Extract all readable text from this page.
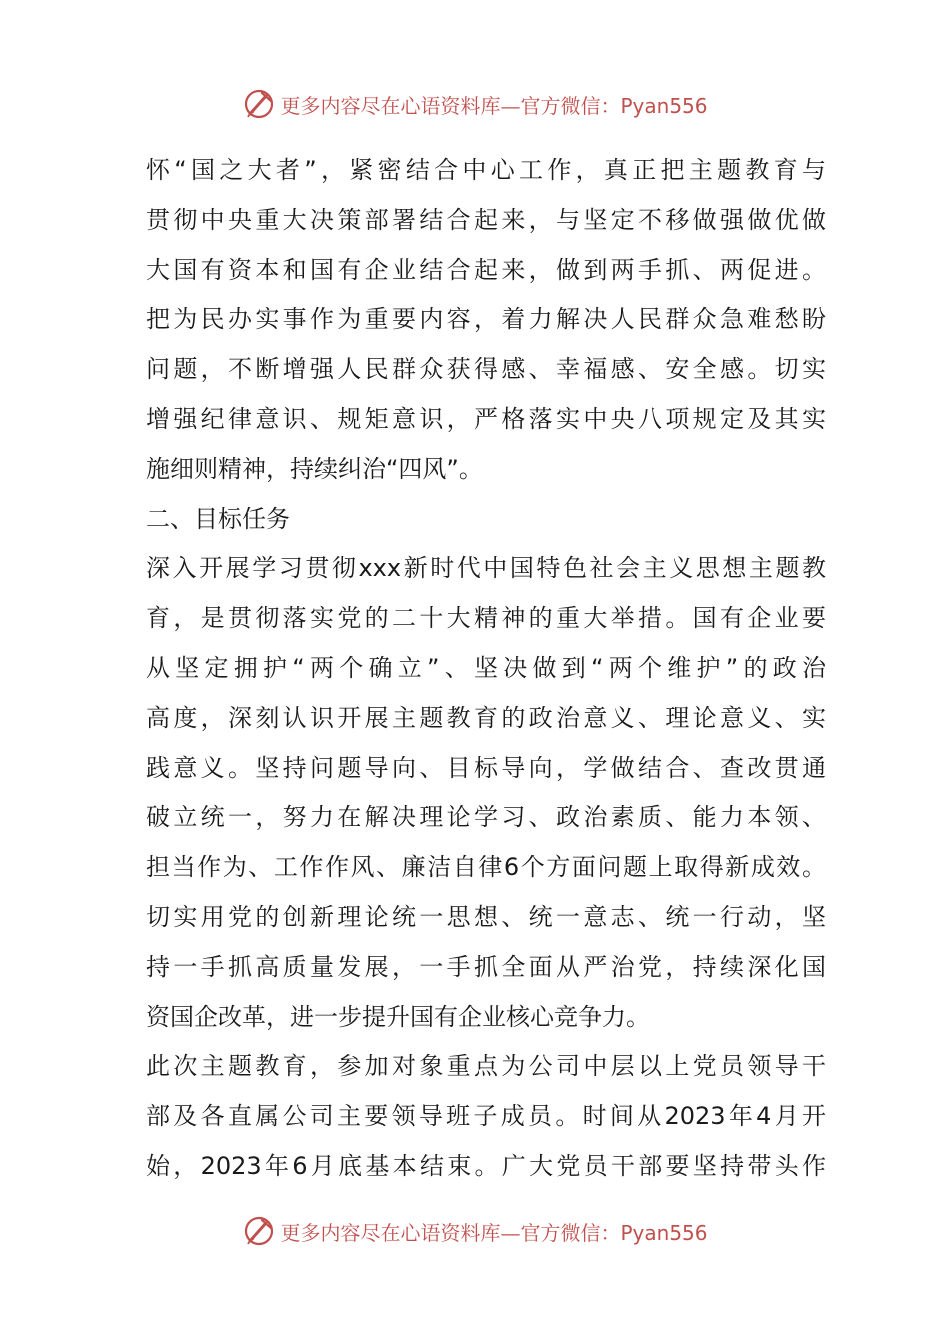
更多内容尽在心语资料库—官方微信：Pyan556
怀“国之大者”，紧密结合中心工作，真正把主题教育与
贯彻中央重大决策部署结合起来，与坚定不移做强做优做
大国有资本和国有企业结合起来，做到两手抓、两促进。
把为民办实事作为重要内容，着力解决人民群众急难愁盼
问题，不断增强人民群众获得感、幸福感、安全感。切实
增强纪律意识、规矩意识，严格落实中央八项规定及其实
施细则精神，持续纠治“四风”。
二、目标任务
深入开展学习贯彻xxx新时代中国特色社会主义思想主题教
育，是贯彻落实党的二十大精神的重大举措。国有企业要
从坚定拥护“两个确立”、坚决做到“两个维护”的政治
高度，深刻认识开展主题教育的政治意义、理论意义、实
践意义。坚持问题导向、目标导向，学做结合、查改贯通
破立统一，努力在解决理论学习、政治素质、能力本领、
担当作为、工作作风、廉洁自律6个方面问题上取得新成效。
切实用党的创新理论统一思想、统一意志、统一行动，坚
持一手抓高质量发展，一手抓全面从严治党，持续深化国
资国企改革，进一步提升国有企业核心竞争力。
此次主题教育，参加对象重点为公司中层以上党员领导干
部及各直属公司主要领导班子成员。时间从2023年4月开
始，2023年6月底基本结束。广大党员干部要坚持带头作
更多内容尽在心语资料库—官方微信：Pyan556
